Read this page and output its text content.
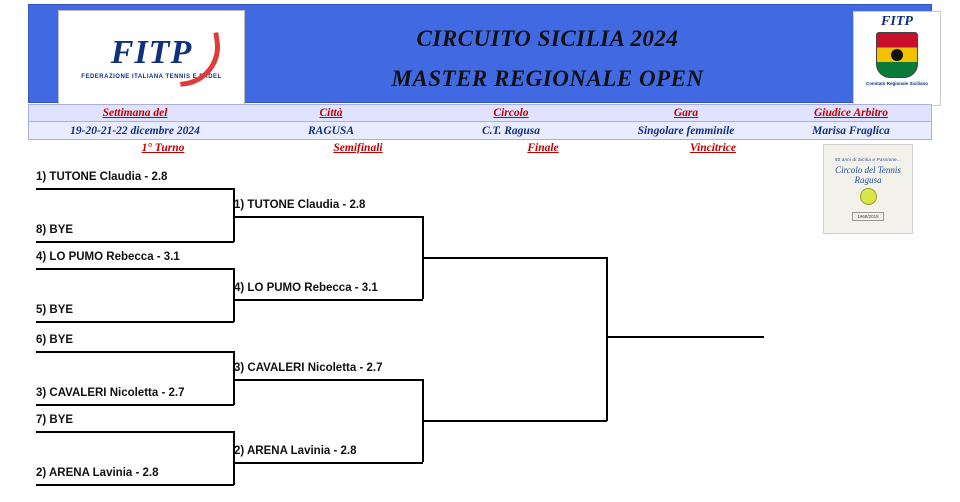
FITP
FEDERAZIONE ITALIANA TENNIS E PADEL
CIRCUITO SICILIA 2024
MASTER REGIONALE OPEN
FITP
Comitato Regionale Siciliano
Settimana del	Città	Circolo	Gara	Giudice Arbitro
19-20-21-22 dicembre 2024	RAGUSA	C.T. Ragusa	Singolare femminile	Marisa Fraglica
1° Turno	Semifinali	Finale	Vincitrice
50 anni di Sicilia e Passione...
Circolo del Tennis Ragusa
1968/2018
1) TUTONE Claudia - 2.8
8) BYE
4) LO PUMO Rebecca - 3.1
5) BYE
6) BYE
3) CAVALERI Nicoletta - 2.7
7) BYE
2) ARENA Lavinia - 2.8
1) TUTONE Claudia - 2.8
4) LO PUMO Rebecca - 3.1
3) CAVALERI Nicoletta - 2.7
2) ARENA Lavinia - 2.8
